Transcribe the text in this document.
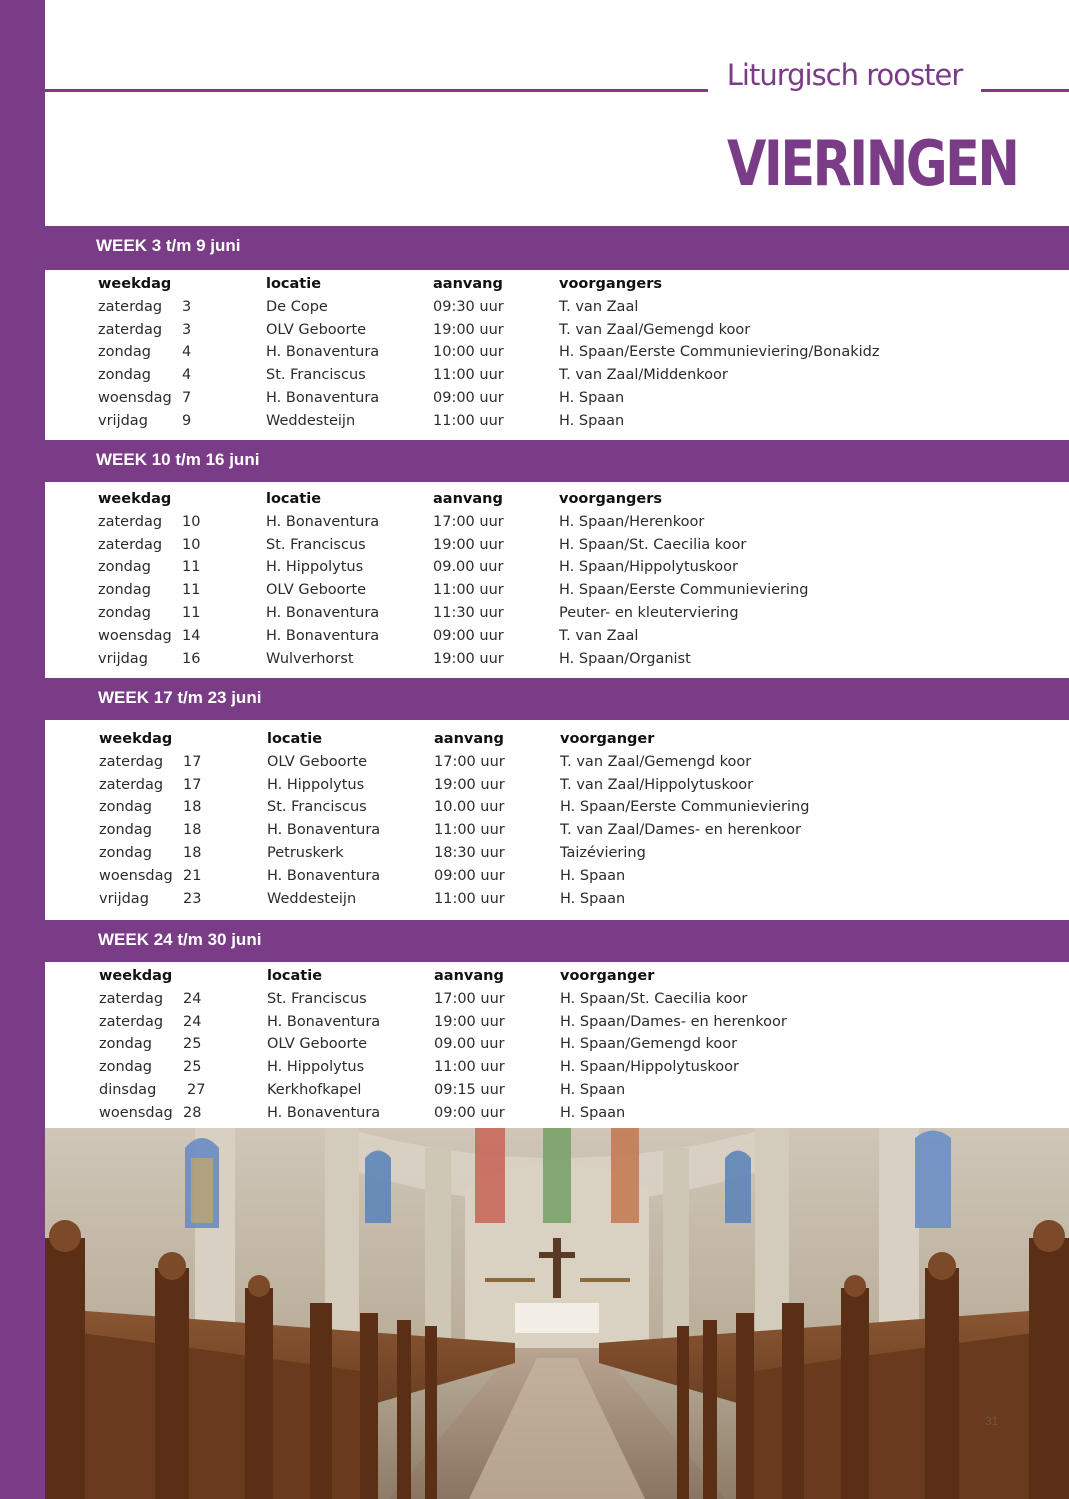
Liturgisch rooster
VIERINGEN
WEEK 3 t/m 9 juni
weekdag	locatie	aanvang	voorgangers
zaterdag 3	De Cope	09:30 uur	T. van Zaal
zaterdag 3	OLV Geboorte	19:00 uur	T. van Zaal/Gemengd koor
zondag 4	H. Bonaventura	10:00 uur	H. Spaan/Eerste Communieviering/Bonakidz
zondag 4	St. Franciscus	11:00 uur	T. van Zaal/Middenkoor
woensdag 7	H. Bonaventura	09:00 uur	H. Spaan
vrijdag 9	Weddesteijn	11:00 uur	H. Spaan
WEEK 10 t/m 16 juni
weekdag	locatie	aanvang	voorgangers
zaterdag 10	H. Bonaventura	17:00 uur	H. Spaan/Herenkoor
zaterdag 10	St. Franciscus	19:00 uur	H. Spaan/St. Caecilia koor
zondag 11	H. Hippolytus	09.00 uur	H. Spaan/Hippolytuskoor
zondag 11	OLV Geboorte	11:00 uur	H. Spaan/Eerste Communieviering
zondag 11	H. Bonaventura	11:30 uur	Peuter- en kleuterviering
woensdag 14	H. Bonaventura	09:00 uur	T. van Zaal
vrijdag 16	Wulverhorst	19:00 uur	H. Spaan/Organist
WEEK 17 t/m 23 juni
weekdag	locatie	aanvang	voorganger
zaterdag 17	OLV Geboorte	17:00 uur	T. van Zaal/Gemengd koor
zaterdag 17	H. Hippolytus	19:00 uur	T. van Zaal/Hippolytuskoor
zondag 18	St. Franciscus	10.00 uur	H. Spaan/Eerste Communieviering
zondag 18	H. Bonaventura	11:00 uur	T. van Zaal/Dames- en herenkoor
zondag 18	Petruskerk	18:30 uur	Taizéviering
woensdag 21	H. Bonaventura	09:00 uur	H. Spaan
vrijdag 23	Weddesteijn	11:00 uur	H. Spaan
WEEK 24 t/m 30 juni
weekdag	locatie	aanvang	voorganger
zaterdag 24	St. Franciscus	17:00 uur	H. Spaan/St. Caecilia koor
zaterdag 24	H. Bonaventura	19:00 uur	H. Spaan/Dames- en herenkoor
zondag 25	OLV Geboorte	09.00 uur	H. Spaan/Gemengd koor
zondag 25	H. Hippolytus	11:00 uur	H. Spaan/Hippolytuskoor
dinsdag 27	Kerkhofkapel	09:15 uur	H. Spaan
woensdag 28	H. Bonaventura	09:00 uur	H. Spaan
31
